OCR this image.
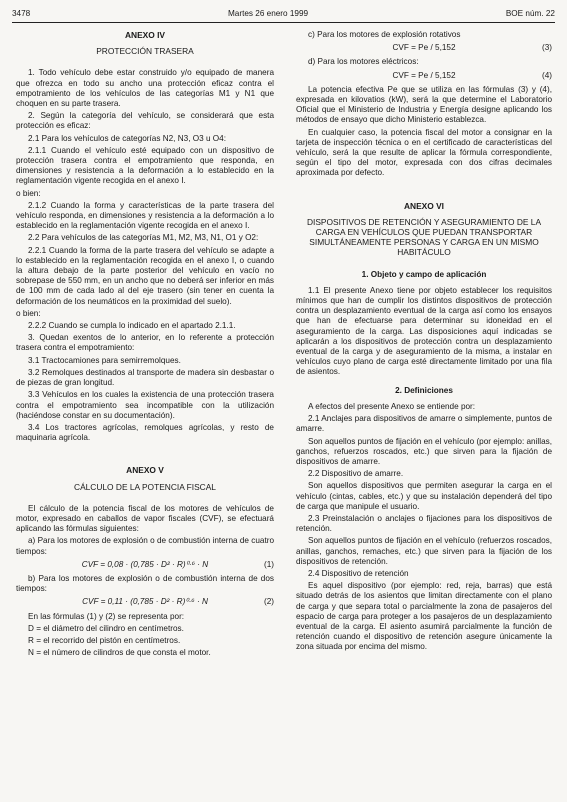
3478	Martes 26 enero 1999	BOE núm. 22
ANEXO IV
PROTECCIÓN TRASERA

1. Todo vehículo debe estar construido y/o equipado de manera que ofrezca en todo su ancho una protección eficaz contra el empotramiento de los vehículos de las categorías M1 y N1 que choquen en su parte trasera.

2. Según la categoría del vehículo, se considerará que esta protección es eficaz:

2.1 Para los vehículos de categorías N2, N3, O3 u O4:

2.1.1 Cuando el vehículo esté equipado con un dispositivo de protección trasera contra el empotramiento que responda, en dimensiones y resistencia a la deformación a lo establecido en la reglamentación vigente recogida en el anexo I.

o bien:

2.1.2 Cuando la forma y características de la parte trasera del vehículo responda, en dimensiones y resistencia a la deformación a lo establecido en la reglamentación vigente recogida en el anexo I.

2.2 Para vehículos de las categorías M1, M2, M3, N1, O1 y O2:

2.2.1 Cuando la forma de la parte trasera del vehículo se adapte a lo establecido en la reglamentación recogida en el anexo I, o cuando la altura debajo de la parte posterior del vehículo en vacío no sobrepase de 550 mm, en un ancho que no deberá ser inferior en más de 100 mm de cada lado al del eje trasero (sin tener en cuenta la deformación de los neumáticos en la proximidad del suelo).

o bien:

2.2.2 Cuando se cumpla lo indicado en el apartado 2.1.1.

3. Quedan exentos de lo anterior, en lo referente a protección trasera contra el empotramiento:

3.1 Tractocamiones para semirremolques.

3.2 Remolques destinados al transporte de madera sin desbastar o de piezas de gran longitud.

3.3 Vehículos en los cuales la existencia de una protección trasera contra el empotramiento sea incompatible con la utilización (haciéndose constar en su documentación).

3.4 Los tractores agrícolas, remolques agrícolas, y resto de maquinaria agrícola.

ANEXO V
CÁLCULO DE LA POTENCIA FISCAL

El cálculo de la potencia fiscal de los motores de vehículos de motor, expresado en caballos de vapor fiscales (CVF), se efectuará aplicando las fórmulas siguientes:

a) Para los motores de explosión o de combustión interna de cuatro tiempos:

CVF = 0,08 · (0,785 · D² · R)⁰·⁶ · N	(1)

b) Para los motores de explosión o de combustión interna de dos tiempos:

CVF = 0,11 · (0,785 · D² · R)⁰·⁶ · N	(2)

En las fórmulas (1) y (2) se representa por:

D = el diámetro del cilindro en centímetros.

R = el recorrido del pistón en centímetros.

N = el número de cilindros de que consta el motor.

c) Para los motores de explosión rotativos

CVF = Pe / 5,152	(3)

d) Para los motores eléctricos:

CVF = Pe / 5,152	(4)

La potencia efectiva Pe que se utiliza en las fórmulas (3) y (4), expresada en kilovatios (kW), será la que determine el Laboratorio Oficial que el Ministerio de Industria y Energía designe aplicando los métodos de ensayo que dicho Ministerio establezca.

En cualquier caso, la potencia fiscal del motor a consignar en la tarjeta de inspección técnica o en el certificado de características del vehículo, será la que resulte de aplicar la fórmula correspondiente, según el tipo del motor, expresada con dos cifras decimales aproximada por defecto.

ANEXO VI
DISPOSITIVOS DE RETENCIÓN Y ASEGURAMIENTO DE LA CARGA EN VEHÍCULOS QUE PUEDAN TRANSPORTAR SIMULTÁNEAMENTE PERSONAS Y CARGA EN UN MISMO HABITÁCULO
1. Objeto y campo de aplicación

1.1 El presente Anexo tiene por objeto establecer los requisitos mínimos que han de cumplir los distintos dispositivos de protección contra un desplazamiento eventual de la carga así como los ensayos que han de efectuarse para determinar su idoneidad en el aseguramiento de la carga. Las disposiciones aquí indicadas se aplicarán a los dispositivos de protección contra un desplazamiento eventual de la carga y de aseguramiento de la misma, a instalar en vehículos cuyo plano de carga esté directamente limitado por una fila de asientos.

2. Definiciones

A efectos del presente Anexo se entiende por:

2.1 Anclajes para dispositivos de amarre o simplemente, puntos de amarre.

Son aquellos puntos de fijación en el vehículo (por ejemplo: anillas, ganchos, refuerzos roscados, etc.) que sirven para la fijación de dispositivos de amarre.

2.2 Dispositivo de amarre.

Son aquellos dispositivos que permiten asegurar la carga en el vehículo (cintas, cables, etc.) y que su instalación dependerá del tipo de carga que manipule el usuario.

2.3 Preinstalación o anclajes o fijaciones para los dispositivos de retención.

Son aquellos puntos de fijación en el vehículo (refuerzos roscados, anillas, ganchos, remaches, etc.) que sirven para la fijación de los dispositivos de retención.

2.4 Dispositivo de retención

Es aquel dispositivo (por ejemplo: red, reja, barras) que está situado detrás de los asientos que limitan directamente con el plano de carga y que separa total o parcialmente la zona de pasajeros del espacio de carga para proteger a los pasajeros de un desplazamiento eventual de la carga. El asiento asumirá parcialmente la función de retención cuando el dispositivo de retención asegure únicamente la zona situada por encima del mismo.
